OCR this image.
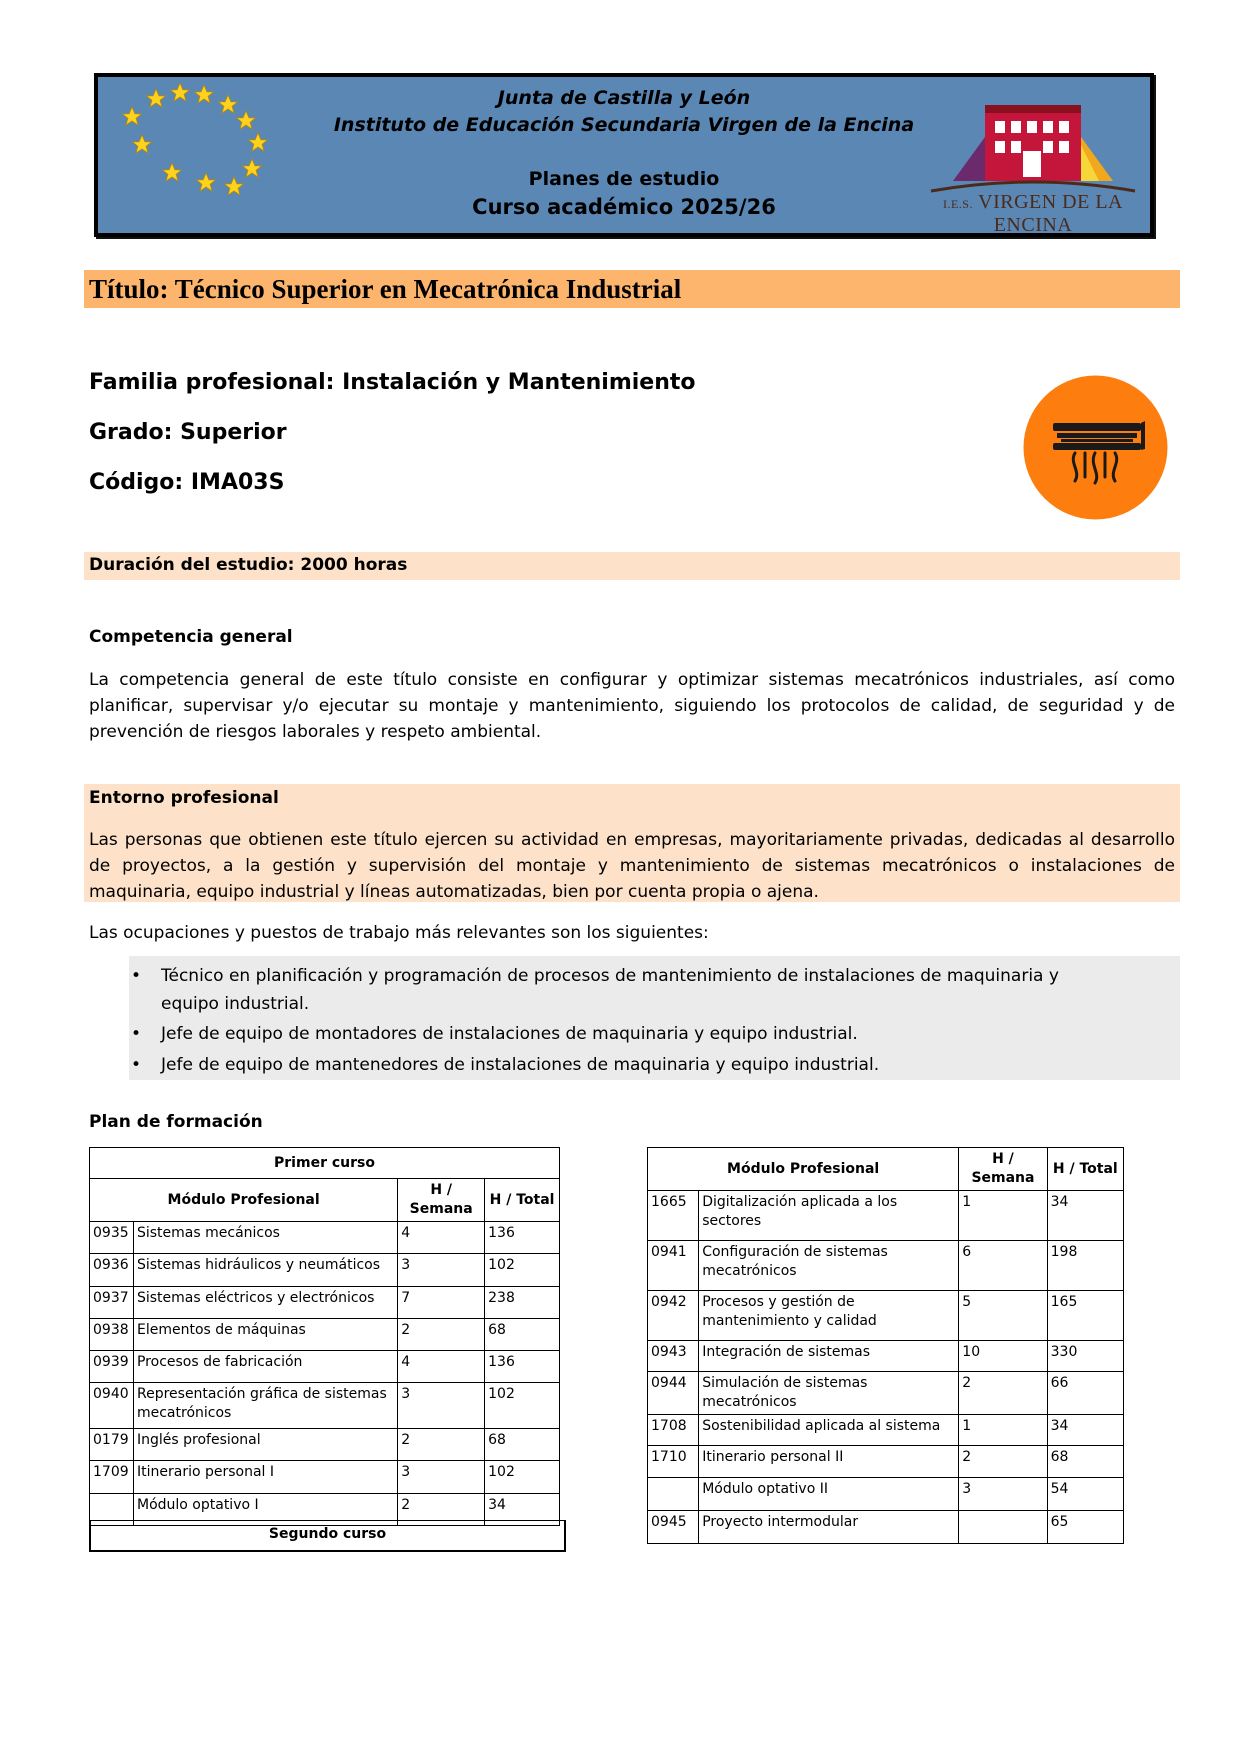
Junta de Castilla y León
Instituto de Educación Secundaria Virgen de la Encina
Planes de estudio
Curso académico 2025/26	I.E.S. VIRGEN DE LA ENCINA
Título: Técnico Superior en Mecatrónica Industrial
Familia profesional: Instalación y Mantenimiento
Grado: Superior
Código: IMA03S
Duración del estudio: 2000 horas
Competencia general
La competencia general de este título consiste en configurar y optimizar sistemas mecatrónicos industriales, así como planificar, supervisar y/o ejecutar su montaje y mantenimiento, siguiendo los protocolos de calidad, de seguridad y de prevención de riesgos laborales y respeto ambiental.
Entorno profesional
Las personas que obtienen este título ejercen su actividad en empresas, mayoritariamente privadas, dedicadas al desarrollo de proyectos, a la gestión y supervisión del montaje y mantenimiento de sistemas mecatrónicos o instalaciones de maquinaria, equipo industrial y líneas automatizadas, bien por cuenta propia o ajena.
Las ocupaciones y puestos de trabajo más relevantes son los siguientes:
• Técnico en planificación y programación de procesos de mantenimiento de instalaciones de maquinaria y equipo industrial.
• Jefe de equipo de montadores de instalaciones de maquinaria y equipo industrial.
• Jefe de equipo de mantenedores de instalaciones de maquinaria y equipo industrial.
Plan de formación
Primer curso			
Módulo Profesional		H / Semana	H / Total
0935	Sistemas mecánicos	4	136
0936	Sistemas hidráulicos y neumáticos	3	102
0937	Sistemas eléctricos y electrónicos	7	238
0938	Elementos de máquinas	2	68
0939	Procesos de fabricación	4	136
0940	Representación gráfica de sistemas mecatrónicos	3	102
0179	Inglés profesional	2	68
1709	Itinerario personal I	3	102
	Módulo optativo I	2	34
Segundo curso
Módulo Profesional		H / Semana	H / Total
1665	Digitalización aplicada a los sectores	1	34
0941	Configuración de sistemas mecatrónicos	6	198
0942	Procesos y gestión de mantenimiento y calidad	5	165
0943	Integración de sistemas	10	330
0944	Simulación de sistemas mecatrónicos	2	66
1708	Sostenibilidad aplicada al sistema	1	34
1710	Itinerario personal II	2	68
	Módulo optativo II	3	54
0945	Proyecto intermodular		65
